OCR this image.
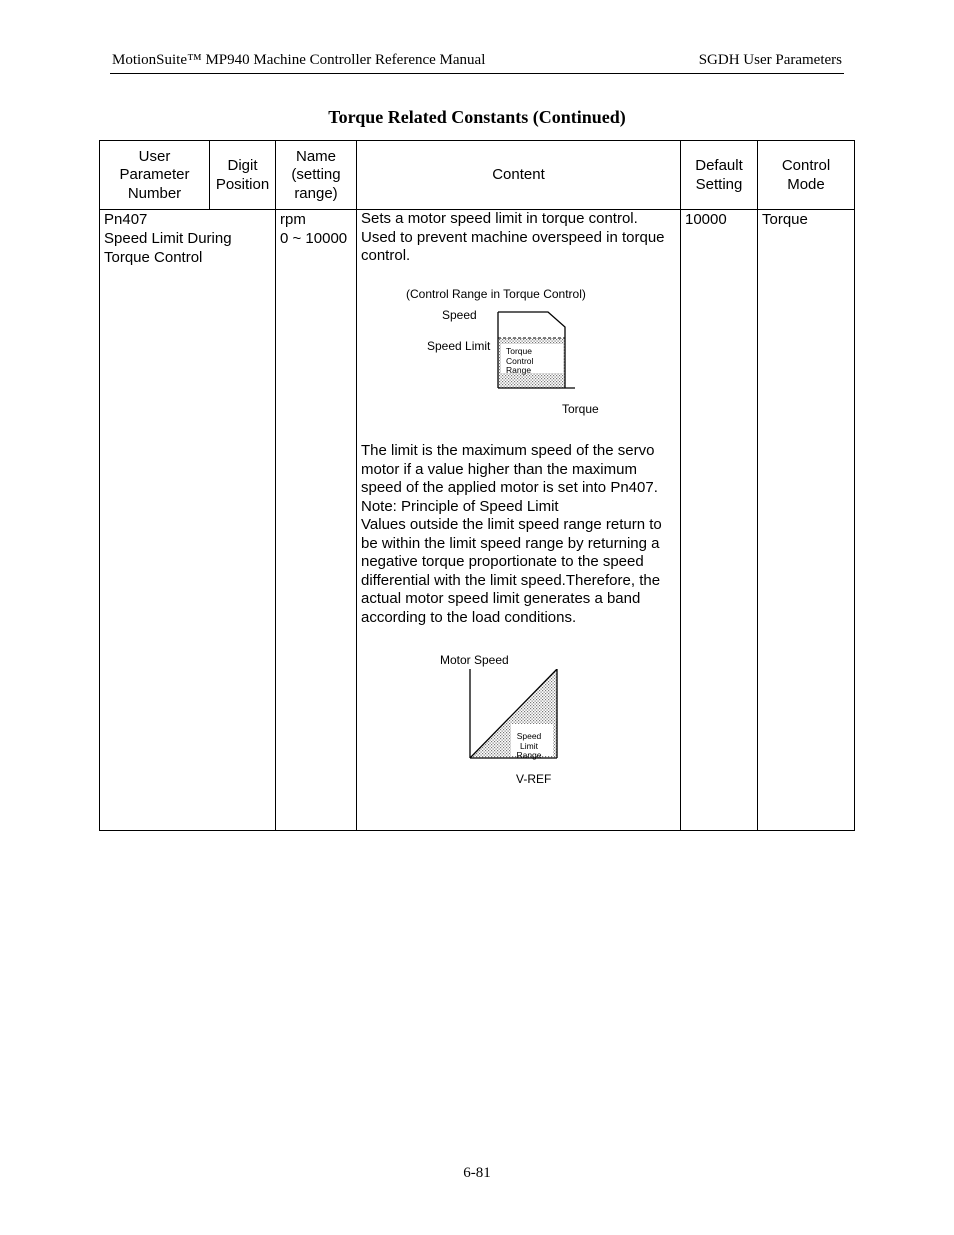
MotionSuite™ MP940 Machine Controller Reference Manual	SGDH User Parameters
Torque Related Constants (Continued)
User
Parameter
Number
Digit
Position
Name
(setting
range)
Content
Default
Setting
Control
Mode
Pn407
Speed Limit During
Torque Control
rpm
0 ~ 10000
Sets a motor speed limit in torque control.
Used to prevent machine overspeed in torque
control.
(Control Range in Torque Control)
Speed
Speed Limit Torque
Control
Range
Torque
The limit is the maximum speed of the servo
motor if a value higher than the maximum
speed of the applied motor is set into Pn407.
Note: Principle of Speed Limit
Values outside the limit speed range return to
be within the limit speed range by returning a
negative torque proportionate to the speed
differential with the limit speed.Therefore, the
actual motor speed limit generates a band
according to the load conditions.
Motor Speed
Speed
Limit
Range
V-REF
10000	Torque
6-81
